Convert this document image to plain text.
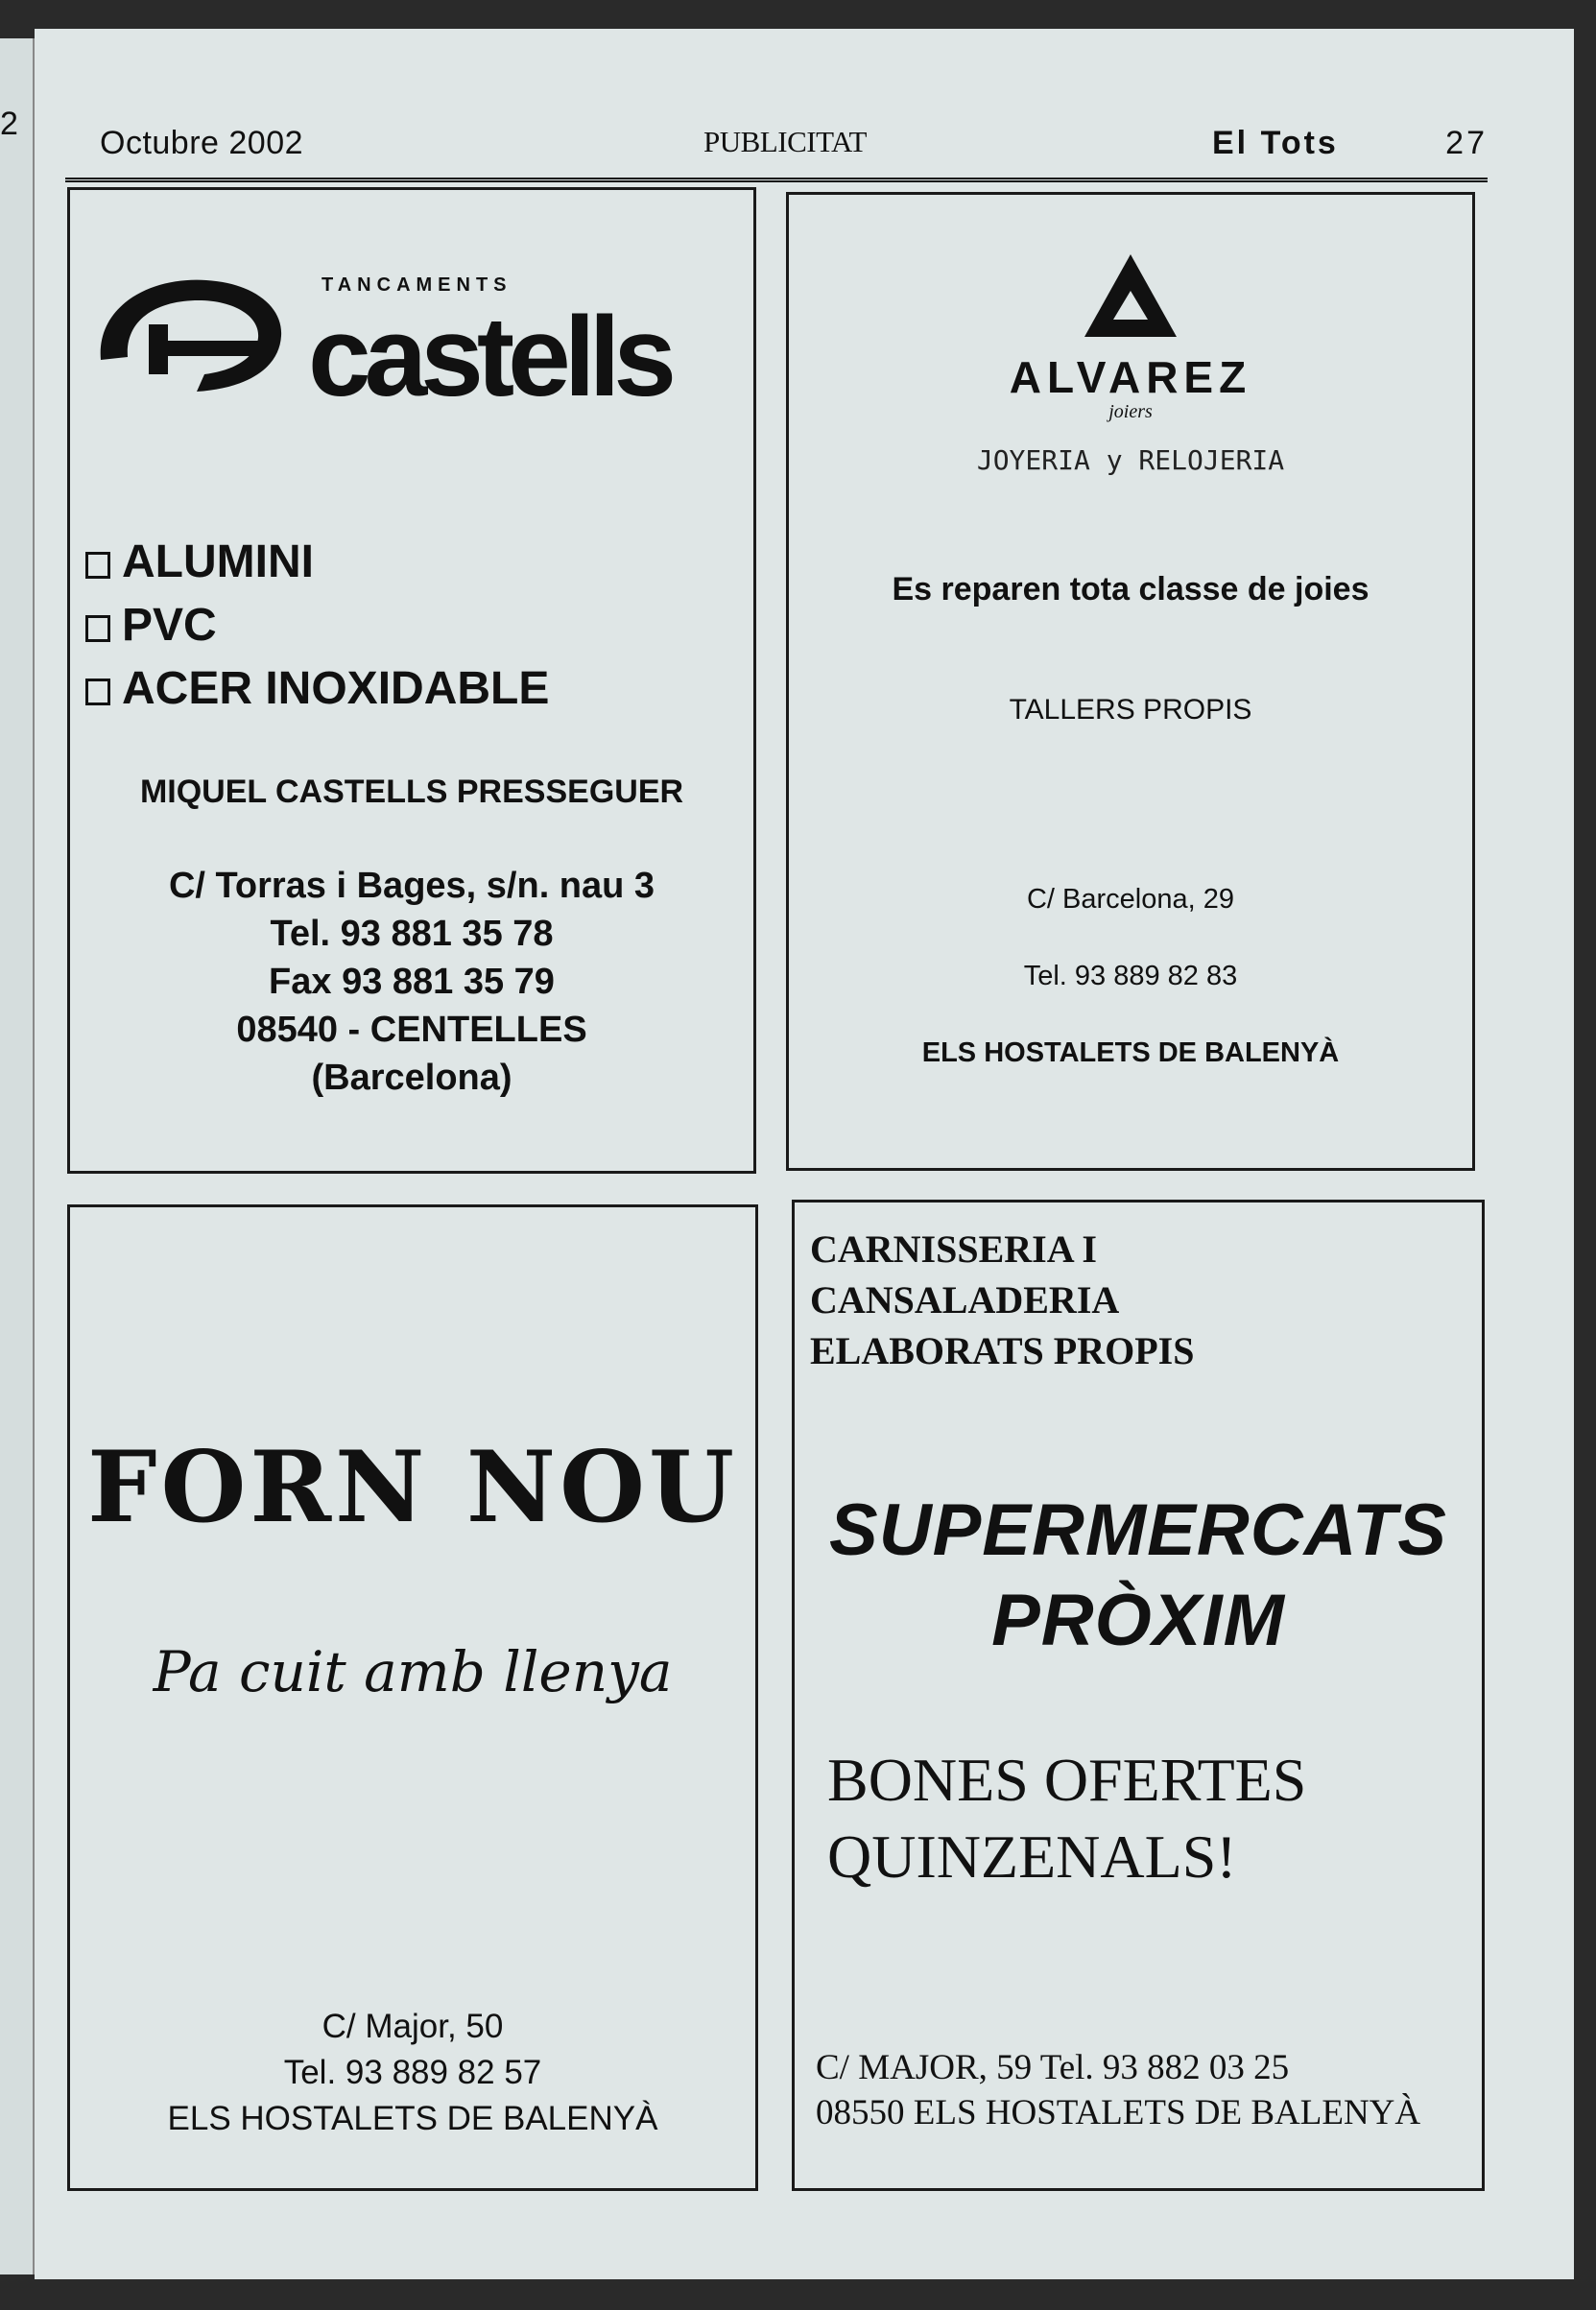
2
Octubre 2002	PUBLICITAT	El Tots	27
TANCAMENTS
castells
ALUMINI
PVC
ACER INOXIDABLE
MIQUEL CASTELLS PRESSEGUER
C/ Torras i Bages, s/n. nau 3
Tel. 93 881 35 78
Fax 93 881 35 79
08540 - CENTELLES
(Barcelona)
ALVAREZ
joiers
JOYERIA y RELOJERIA
Es reparen tota classe de joies
TALLERS PROPIS
C/ Barcelona, 29
Tel. 93 889 82 83
ELS HOSTALETS DE BALENYÀ
FORN NOU
Pa cuit amb llenya
C/ Major, 50
Tel. 93 889 82 57
ELS HOSTALETS DE BALENYÀ
CARNISSERIA I
CANSALADERIA
ELABORATS PROPIS
SUPERMERCATS
PRÒXIM
BONES OFERTES
QUINZENALS!
C/ MAJOR, 59 Tel. 93 882 03 25
08550 ELS HOSTALETS DE BALENYÀ
